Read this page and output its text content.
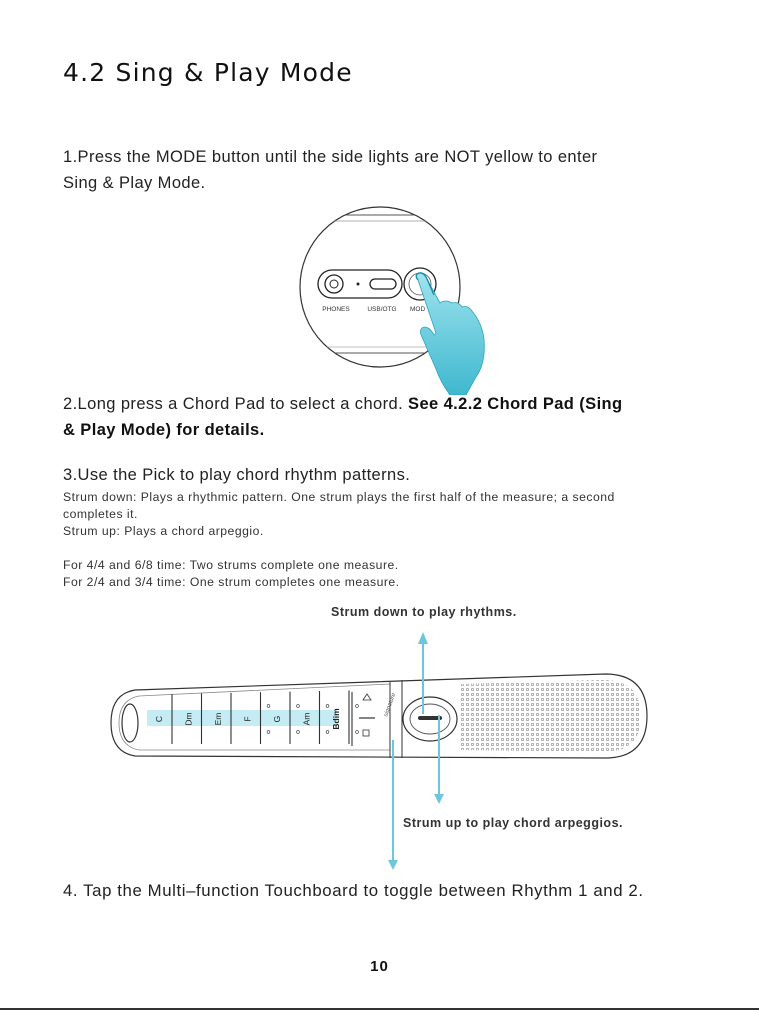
4.2 Sing & Play Mode
1.Press the MODE button until the side lights are NOT yellow to enter
Sing & Play Mode.
PHONES	USB/OTG MOD
2.Long press a Chord Pad to select a chord. See 4.2.2 Chord Pad (Sing
& Play Mode) for details.
3.Use the Pick to play chord rhythm patterns.
Strum down: Plays a rhythmic pattern. One strum plays the first half of the measure; a second
completes it.
Strum up: Plays a chord arpeggio.
For 4/4 and 6/8 time: Two strums complete one measure.
For 2/4 and 3/4 time: One strum completes one measure.
Strum down to play rhythms.
signature
C Dm Em F G Am Bdim
Strum up to play chord arpeggios.
4. Tap the Multi–function Touchboard to toggle between Rhythm 1 and 2.
10
